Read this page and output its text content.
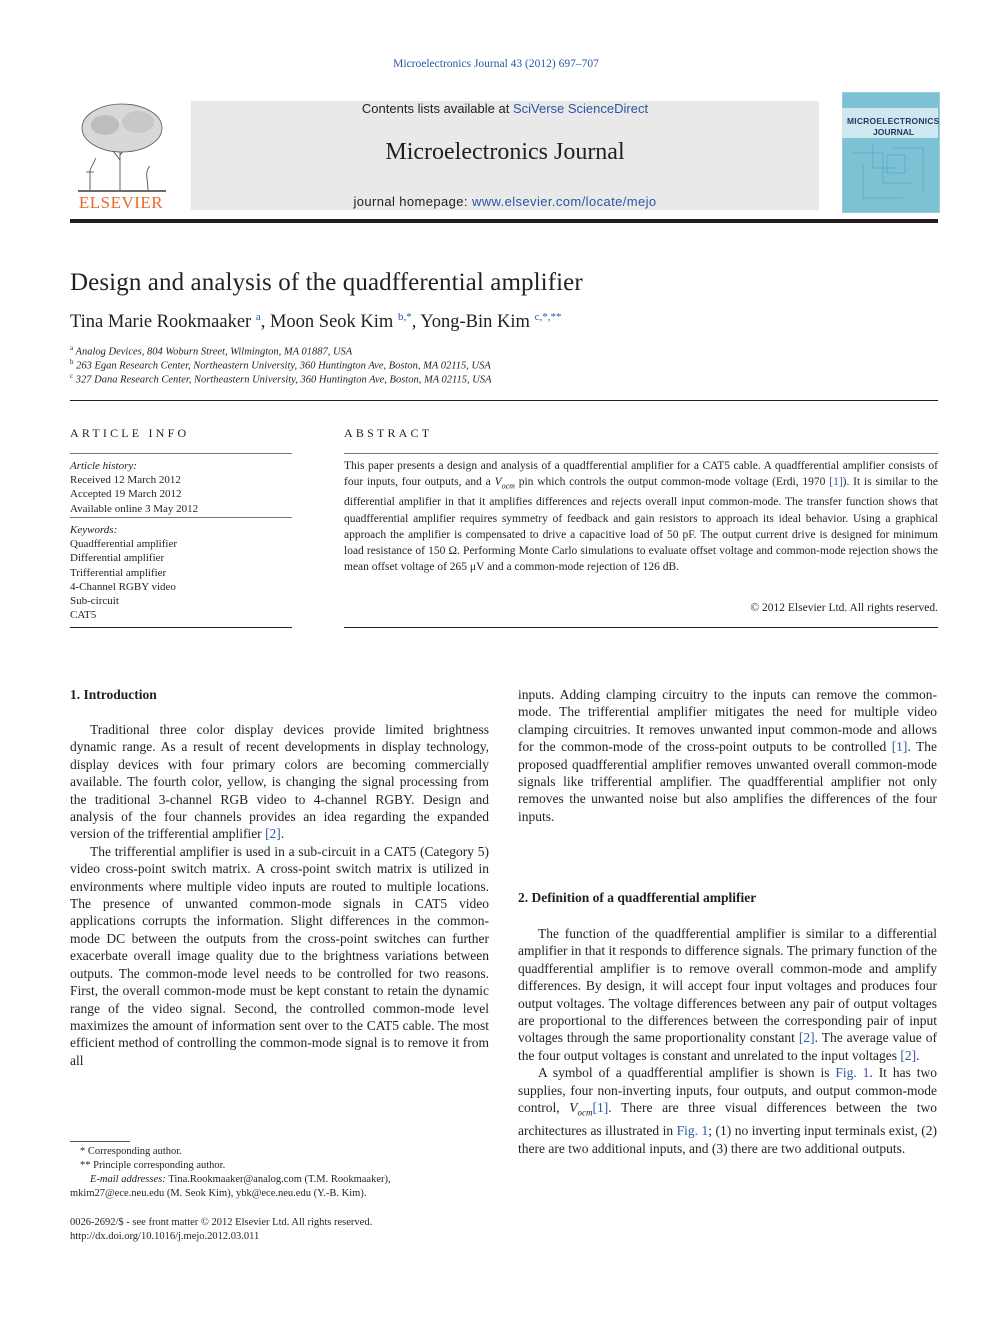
Microelectronics Journal 43 (2012) 697–707
ELSEVIER
Contents lists available at SciVerse ScienceDirect
Microelectronics Journal
journal homepage: www.elsevier.com/locate/mejo
MICROELECTRONICS
JOURNAL
Design and analysis of the quadfferential amplifier
Tina Marie Rookmaaker $^a$, Moon Seok Kim $^{b,*}$, Yong-Bin Kim $^{c,*,**}$
$^a$ Analog Devices, 804 Woburn Street, Wilmington, MA 01887, USA
$^b$ 263 Egan Research Center, Northeastern University, 360 Huntington Ave, Boston, MA 02115, USA
$^c$ 327 Dana Research Center, Northeastern University, 360 Huntington Ave, Boston, MA 02115, USA
ARTICLE INFO
Article history:
Received 12 March 2012
Accepted 19 March 2012
Available online 3 May 2012
Keywords:
Quadfferential amplifier
Differential amplifier
Trifferential amplifier
4-Channel RGBY video
Sub-circuit
CAT5
ABSTRACT
This paper presents a design and analysis of a quadfferential amplifier for a CAT5 cable. A quadfferential amplifier consists of four inputs, four outputs, and a $V_{ocm}$ pin which controls the output common-mode voltage (Erdi, 1970 [1]). It is similar to the differential amplifier in that it amplifies differences and rejects overall input common-mode. The transfer function shows that quadfferential amplifier requires symmetry of feedback and gain resistors to approach its ideal behavior. Using a graphical approach the amplifier is compensated to drive a capacitive load of 50 pF. The output current drive is designed for minimum load resistance of 150 Ω. Performing Monte Carlo simulations to evaluate offset voltage and common-mode rejection shows the mean offset voltage of 265 μV and a common-mode rejection of 126 dB.
© 2012 Elsevier Ltd. All rights reserved.
1. Introduction

Traditional three color display devices provide limited brightness dynamic range. As a result of recent developments in display technology, display devices with four primary colors are becoming commercially available. The fourth color, yellow, is changing the signal processing from the traditional 3-channel RGB video to 4-channel RGBY. Design and analysis of the four channels provides an idea regarding the expanded version of the trifferential amplifier [2].

The trifferential amplifier is used in a sub-circuit in a CAT5 (Category 5) video cross-point switch matrix. A cross-point switch matrix is utilized in environments where multiple video inputs are routed to multiple locations. The presence of unwanted common-mode signals in CAT5 video applications corrupts the information. Slight differences in the common-mode DC between the outputs from the cross-point switches can further exacerbate overall image quality due to the brightness variations between outputs. The common-mode level needs to be controlled for two reasons. First, the overall common-mode must be kept constant to retain the dynamic range of the video signal. Second, the controlled common-mode level maximizes the amount of information sent over to the CAT5 cable. The most efficient method of controlling the common-mode signal is to remove it from all

* Corresponding author.
** Principle corresponding author.
E-mail addresses: Tina.Rookmaaker@analog.com (T.M. Rookmaaker),
mkim27@ece.neu.edu (M. Seok Kim), ybk@ece.neu.edu (Y.-B. Kim).
0026-2692/$ - see front matter © 2012 Elsevier Ltd. All rights reserved.
http://dx.doi.org/10.1016/j.mejo.2012.03.011

inputs. Adding clamping circuitry to the inputs can remove the common-mode. The trifferential amplifier mitigates the need for multiple video clamping circuitries. It removes unwanted input common-mode and allows for the common-mode of the cross-point outputs to be controlled [1]. The proposed quadfferential amplifier removes unwanted overall common-mode signals like trifferential amplifier. The quadfferential amplifier not only removes the unwanted noise but also amplifies the differences of the four inputs.

2. Definition of a quadfferential amplifier

The function of the quadfferential amplifier is similar to a differential amplifier in that it responds to difference signals. The primary function of the quadfferential amplifier is to remove overall common-mode and amplify differences. By design, it will accept four input voltages and produces four output voltages. The voltage differences between any pair of output voltages are proportional to the differences between the corresponding pair of input voltages through the same proportionality constant [2]. The average value of the four output voltages is constant and unrelated to the input voltages [2].

A symbol of a quadfferential amplifier is shown is Fig. 1. It has two supplies, four non-inverting inputs, four outputs, and output common-mode control, $V_{ocm}[1]$. There are three visual differences between the two architectures as illustrated in Fig. 1; (1) no inverting input terminals exist, (2) there are two additional inputs, and (3) there are two additional outputs.
